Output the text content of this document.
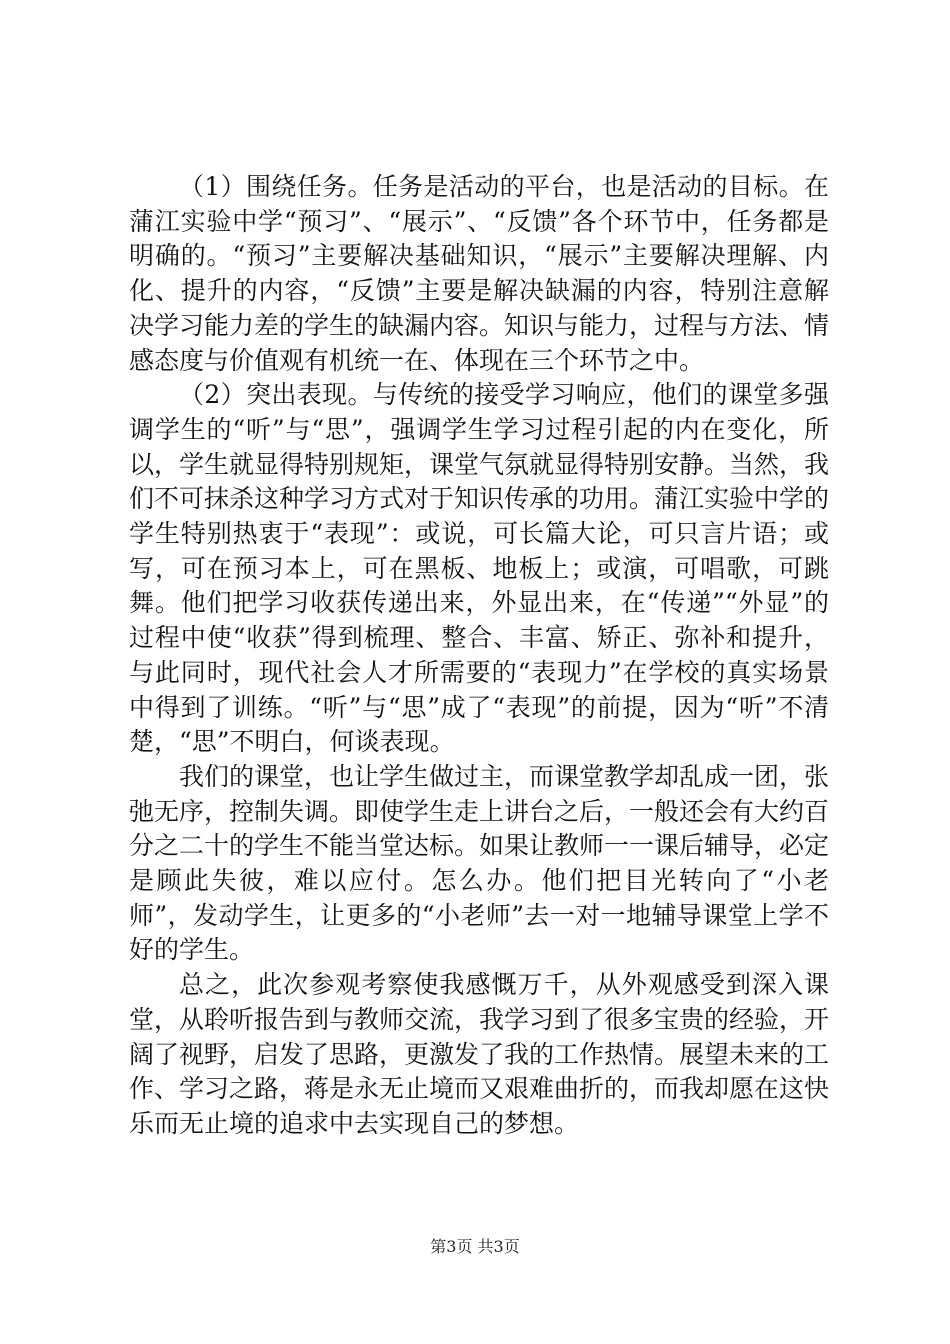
（1）围绕任务。任务是活动的平台，也是活动的目标。在蒲江实验中学“预习”、“展示”、“反馈”各个环节中，任务都是明确的。“预习”主要解决基础知识，“展示”主要解决理解、内化、提升的内容，“反馈”主要是解决缺漏的内容，特别注意解决学习能力差的学生的缺漏内容。知识与能力，过程与方法、情感态度与价值观有机统一在、体现在三个环节之中。

（2）突出表现。与传统的接受学习响应，他们的课堂多强调学生的“听”与“思”，强调学生学习过程引起的内在变化，所以，学生就显得特别规矩，课堂气氛就显得特别安静。当然，我们不可抹杀这种学习方式对于知识传承的功用。蒲江实验中学的学生特别热衷于“表现”：或说，可长篇大论，可只言片语；或写，可在预习本上，可在黑板、地板上；或演，可唱歌，可跳舞。他们把学习收获传递出来，外显出来，在“传递”“外显”的过程中使“收获”得到梳理、整合、丰富、矫正、弥补和提升，与此同时，现代社会人才所需要的“表现力”在学校的真实场景中得到了训练。“听”与“思”成了“表现”的前提，因为“听”不清楚，“思”不明白，何谈表现。

我们的课堂，也让学生做过主，而课堂教学却乱成一团，张弛无序，控制失调。即使学生走上讲台之后，一般还会有大约百分之二十的学生不能当堂达标。如果让教师一一课后辅导，必定是顾此失彼，难以应付。怎么办。他们把目光转向了“小老师”，发动学生，让更多的“小老师”去一对一地辅导课堂上学不好的学生。

总之，此次参观考察使我感慨万千，从外观感受到深入课堂，从聆听报告到与教师交流，我学习到了很多宝贵的经验，开阔了视野，启发了思路，更激发了我的工作热情。展望未来的工作、学习之路，蒋是永无止境而又艰难曲折的，而我却愿在这快乐而无止境的追求中去实现自己的梦想。

第3页 共3页
